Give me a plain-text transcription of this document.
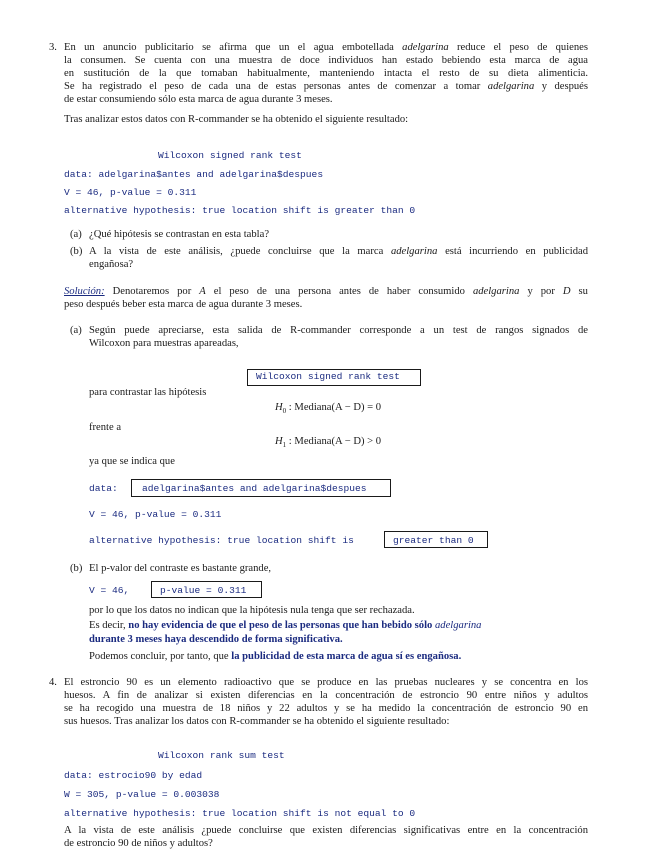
3. En un anuncio publicitario se afirma que un el agua embotellada adelgarina reduce el peso de quienes
la consumen. Se cuenta con una muestra de doce individuos han estado bebiendo esta marca de agua
en sustitución de la que tomaban habitualmente, manteniendo intacta el resto de su dieta alimenticia.
Se ha registrado el peso de cada una de estas personas antes de comenzar a tomar adelgarina y después
de estar consumiendo sólo esta marca de agua durante 3 meses.
Tras analizar estos datos con R-commander se ha obtenido el siguiente resultado:
Wilcoxon signed rank test
data: adelgarina$antes and adelgarina$despues
V = 46, p-value = 0.311
alternative hypothesis: true location shift is greater than 0
(a) ¿Qué hipótesis se contrastan en esta tabla?
(b) A la vista de este análisis, ¿puede concluirse que la marca adelgarina está incurriendo en publicidad
engañosa?
Solución: Denotaremos por A el peso de una persona antes de haber consumido adelgarina y por D su
peso después beber esta marca de agua durante 3 meses.
(a) Según puede apreciarse, esta salida de R-commander corresponde a un test de rangos signados de
Wilcoxon para muestras apareadas,
Wilcoxon signed rank test
para contrastar las hipótesis
$H_0$ : Mediana(A − D) = 0
frente a
$H_1$ : Mediana(A − D) > 0
ya que se indica que
data:	adelgarina$antes and adelgarina$despues
V = 46, p-value = 0.311
alternative hypothesis: true location shift is	greater than 0
(b) El p-valor del contraste es bastante grande,
V = 46,	p-value = 0.311
por lo que los datos no indican que la hipótesis nula tenga que ser rechazada.
Es decir, no hay evidencia de que el peso de las personas que han bebido sólo adelgarina
durante 3 meses haya descendido de forma significativa.
Podemos concluir, por tanto, que la publicidad de esta marca de agua sí es engañosa.
4. El estroncio 90 es un elemento radioactivo que se produce en las pruebas nucleares y se concentra en los
huesos. A fin de analizar si existen diferencias en la concentración de estroncio 90 entre niños y adultos
se ha recogido una muestra de 18 niños y 22 adultos y se ha medido la concentración de estroncio 90 en
sus huesos. Tras analizar los datos con R-commander se ha obtenido el siguiente resultado:
Wilcoxon rank sum test
data: estrocio90 by edad
W = 305, p-value = 0.003038
alternative hypothesis: true location shift is not equal to 0
A la vista de este análisis ¿puede concluirse que existen diferencias significativas entre en la concentración
de estroncio 90 de niños y adultos?
